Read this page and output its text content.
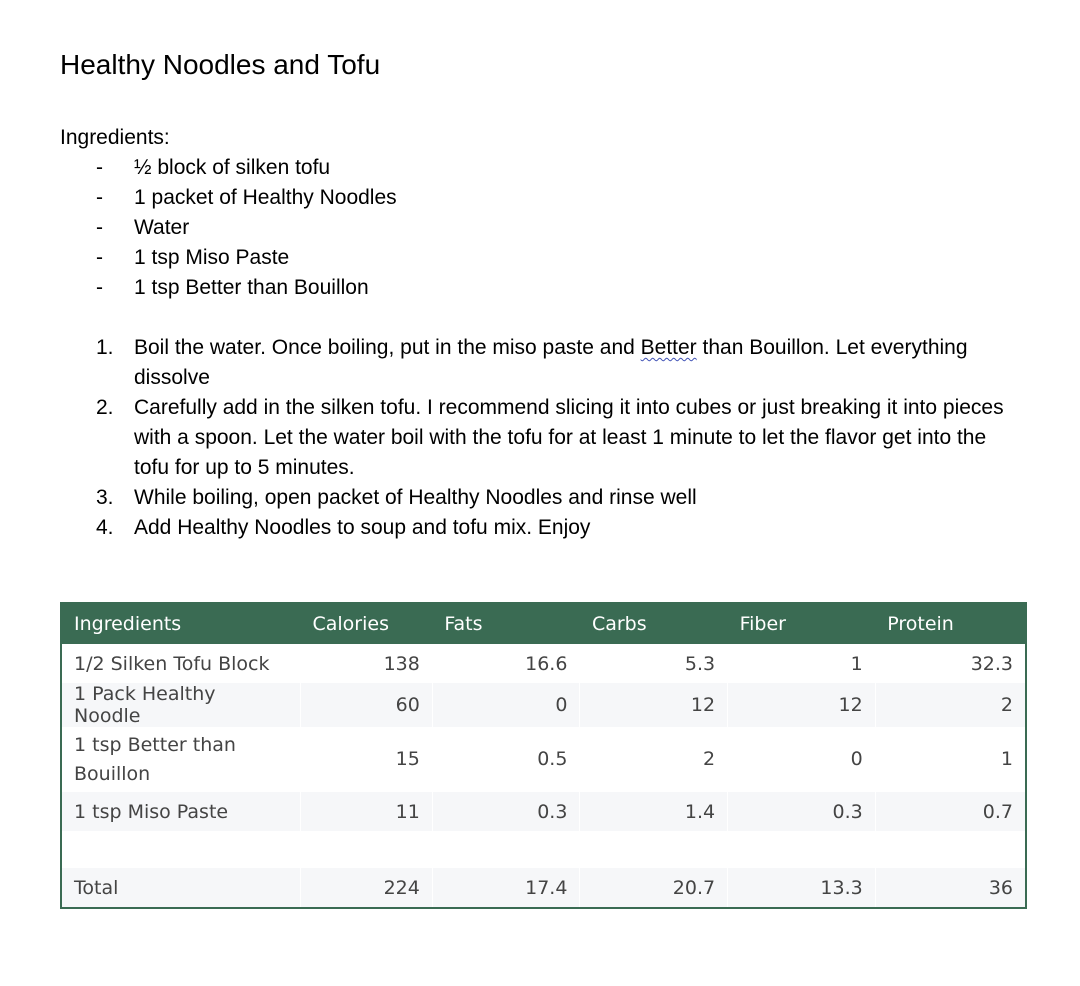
Healthy Noodles and Tofu
Ingredients:
- ½ block of silken tofu
- 1 packet of Healthy Noodles
- Water
- 1 tsp Miso Paste
- 1 tsp Better than Bouillon
1. Boil the water. Once boiling, put in the miso paste and Better than Bouillon. Let everything dissolve
2. Carefully add in the silken tofu. I recommend slicing it into cubes or just breaking it into pieces with a spoon. Let the water boil with the tofu for at least 1 minute to let the flavor get into the tofu for up to 5 minutes.
3. While boiling, open packet of Healthy Noodles and rinse well
4. Add Healthy Noodles to soup and tofu mix. Enjoy
Ingredients	Calories	Fats	Carbs	Fiber	Protein
1/2 Silken Tofu Block	138	16.6	5.3	1	32.3
1 Pack Healthy Noodle	60	0	12	12	2
1 tsp Better than Bouillon	15	0.5	2	0	1
1 tsp Miso Paste	11	0.3	1.4	0.3	0.7

Total	224	17.4	20.7	13.3	36
